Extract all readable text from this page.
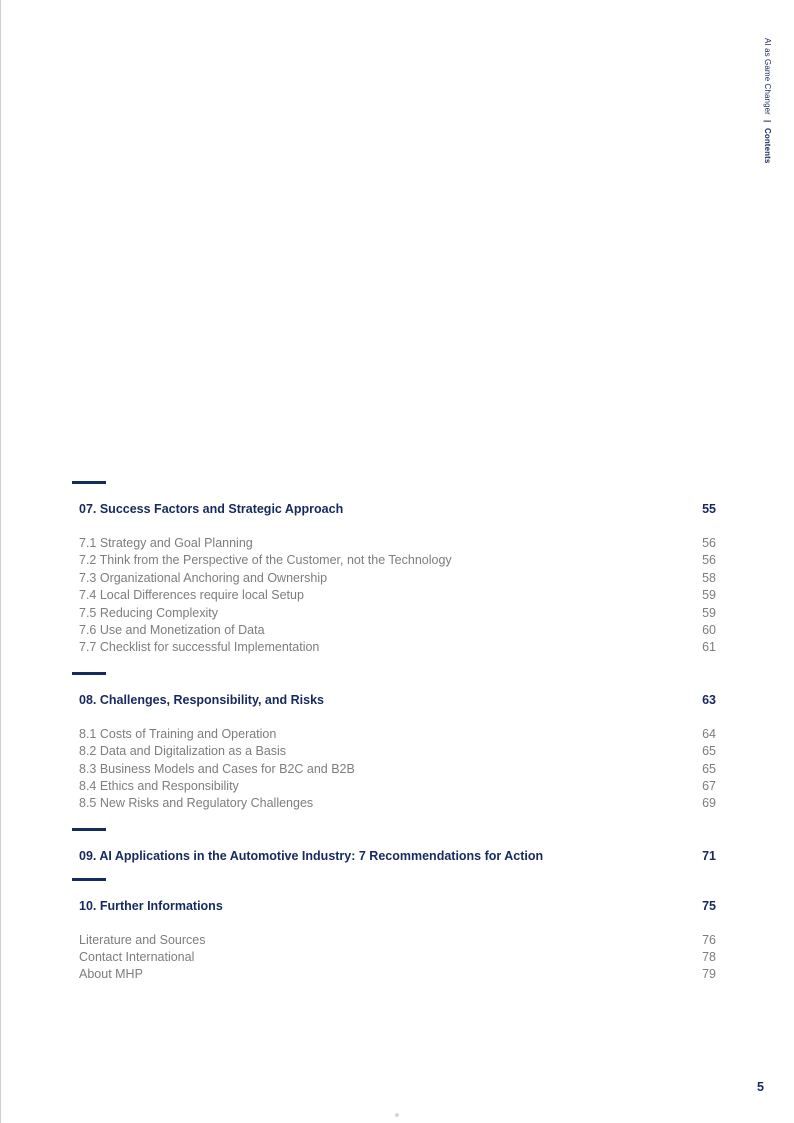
AI as Game Changer | Contents
07. Success Factors and Strategic Approach	55
7.1 Strategy and Goal Planning	56
7.2 Think from the Perspective of the Customer, not the Technology	56
7.3 Organizational Anchoring and Ownership	58
7.4 Local Differences require local Setup	59
7.5 Reducing Complexity	59
7.6 Use and Monetization of Data	60
7.7 Checklist for successful Implementation	61
08. Challenges, Responsibility, and Risks	63
8.1 Costs of Training and Operation	64
8.2 Data and Digitalization as a Basis	65
8.3 Business Models and Cases for B2C and B2B	65
8.4 Ethics and Responsibility	67
8.5 New Risks and Regulatory Challenges	69
09. AI Applications in the Automotive Industry: 7 Recommendations for Action	71
10. Further Informations	75
Literature and Sources	76
Contact International	78
About MHP	79
5
